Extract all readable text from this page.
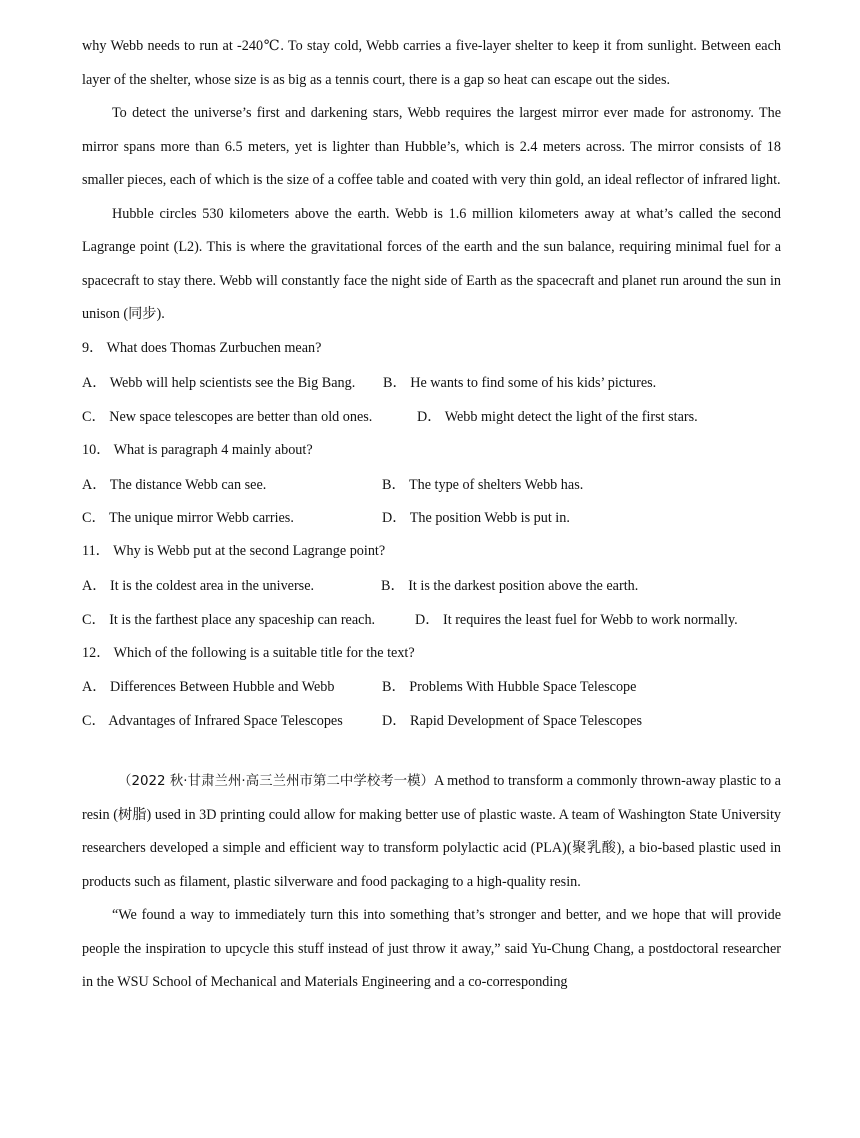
why Webb needs to run at -240℃. To stay cold, Webb carries a five-layer shelter to keep it from sunlight. Between each layer of the shelter, whose size is as big as a tennis court, there is a gap so heat can escape out the sides.

To detect the universe’s first and darkening stars, Webb requires the largest mirror ever made for astronomy. The mirror spans more than 6.5 meters, yet is lighter than Hubble’s, which is 2.4 meters across. The mirror consists of 18 smaller pieces, each of which is the size of a coffee table and coated with very thin gold, an ideal reflector of infrared light.

Hubble circles 530 kilometers above the earth. Webb is 1.6 million kilometers away at what’s called the second Lagrange point (L2). This is where the gravitational forces of the earth and the sun balance, requiring minimal fuel for a spacecraft to stay there. Webb will constantly face the night side of Earth as the spacecraft and planet run around the sun in unison (同步).

9． What does Thomas Zurbuchen mean?

A． Webb will help scientists see the Big Bang. B． He wants to find some of his kids’ pictures.
C． New space telescopes are better than old ones.	D． Webb might detect the light of the first stars.

10． What is paragraph 4 mainly about?

A． The distance Webb can see.	B． The type of shelters Webb has.
C． The unique mirror Webb carries.	D． The position Webb is put in.

11． Why is Webb put at the second Lagrange point?

A． It is the coldest area in the universe.	B． It is the darkest position above the earth.
C． It is the farthest place any spaceship can reach.	D． It requires the least fuel for Webb to work normally.

12． Which of the following is a suitable title for the text?

A． Differences Between Hubble and Webb	B． Problems With Hubble Space Telescope
C． Advantages of Infrared Space Telescopes	D． Rapid Development of Space Telescopes

（2022 秋·甘肃兰州·高三兰州市第二中学校考一模）A method to transform a commonly thrown-away plastic to a resin (树脂) used in 3D printing could allow for making better use of plastic waste. A team of Washington State University researchers developed a simple and efficient way to transform polylactic acid (PLA)(聚乳酸), a bio-based plastic used in products such as filament, plastic silverware and food packaging to a high-quality resin.

“We found a way to immediately turn this into something that’s stronger and better, and we hope that will provide people the inspiration to upcycle this stuff instead of just throw it away,” said Yu-Chung Chang, a postdoctoral researcher in the WSU School of Mechanical and Materials Engineering and a co-corresponding
